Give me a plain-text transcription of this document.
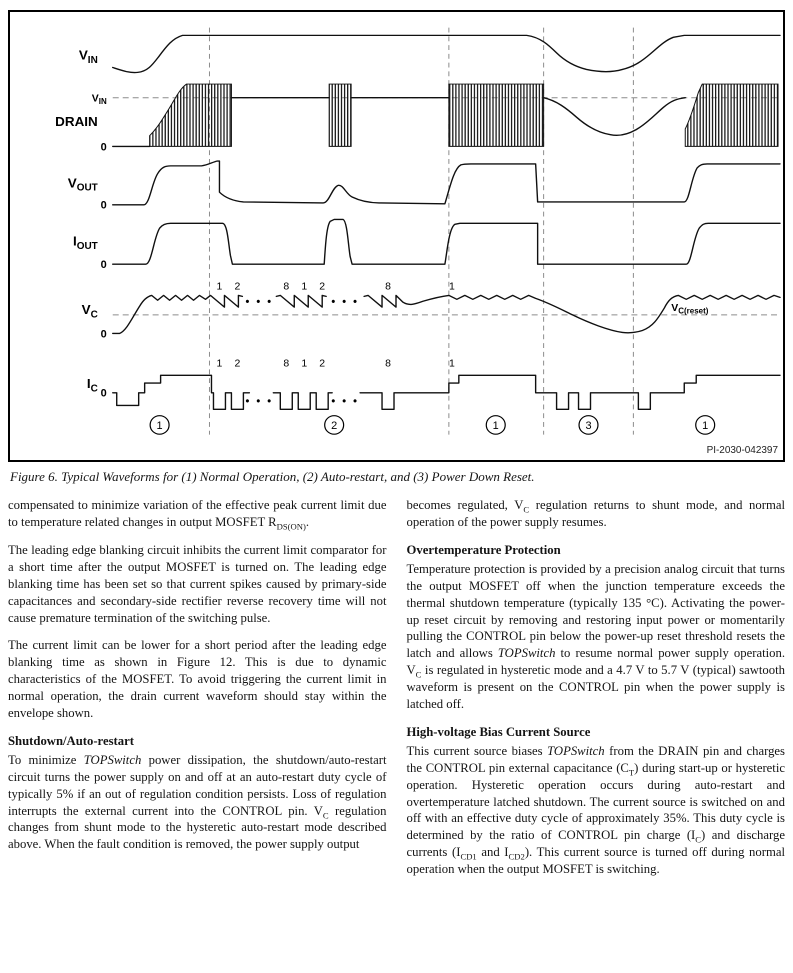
$V_{IN}$
$V_{IN}$
DRAIN
0
$V_{OUT}$
0
$I_{OUT}$
0
$V_C$
0
$V_{C(reset)}$
1 2	8 1 2	8	1
• • •	• • •
$I_C$ 0
1 2	8 1 2	8	1
• • •	• • •
1	2	1	3	1
PI-2030-042397
Figure 6. Typical Waveforms for (1) Normal Operation, (2) Auto-restart, and (3) Power Down Reset.

compensated to minimize variation of the effective peak current limit due to temperature related changes in output MOSFET $R_{DS(ON)}$.

The leading edge blanking circuit inhibits the current limit comparator for a short time after the output MOSFET is turned on. The leading edge blanking time has been set so that current spikes caused by primary-side capacitances and secondary-side rectifier reverse recovery time will not cause premature termination of the switching pulse.

The current limit can be lower for a short period after the leading edge blanking time as shown in Figure 12. This is due to dynamic characteristics of the MOSFET. To avoid triggering the current limit in normal operation, the drain current waveform should stay within the envelope shown.

Shutdown/Auto-restart

To minimize TOPSwitch power dissipation, the shutdown/auto-restart circuit turns the power supply on and off at an auto-restart duty cycle of typically 5% if an out of regulation condition persists. Loss of regulation interrupts the external current into the CONTROL pin. $V_C$ regulation changes from shunt mode to the hysteretic auto-restart mode described above. When the fault condition is removed, the power supply output

becomes regulated, $V_C$ regulation returns to shunt mode, and normal operation of the power supply resumes.

Overtemperature Protection

Temperature protection is provided by a precision analog circuit that turns the output MOSFET off when the junction temperature exceeds the thermal shutdown temperature (typically 135 °C). Activating the power-up reset circuit by removing and restoring input power or momentarily pulling the CONTROL pin below the power-up reset threshold resets the latch and allows TOPSwitch to resume normal power supply operation. $V_C$ is regulated in hysteretic mode and a 4.7 V to 5.7 V (typical) sawtooth waveform is present on the CONTROL pin when the power supply is latched off.

High-voltage Bias Current Source

This current source biases TOPSwitch from the DRAIN pin and charges the CONTROL pin external capacitance $(C_T)$ during start-up or hysteretic operation. Hysteretic operation occurs during auto-restart and overtemperature latched shutdown. The current source is switched on and off with an effective duty cycle of approximately 35%. This duty cycle is determined by the ratio of CONTROL pin charge $(I_C)$ and discharge currents ($I_{CD1}$ and $I_{CD2}$). This current source is turned off during normal operation when the output MOSFET is switching.
